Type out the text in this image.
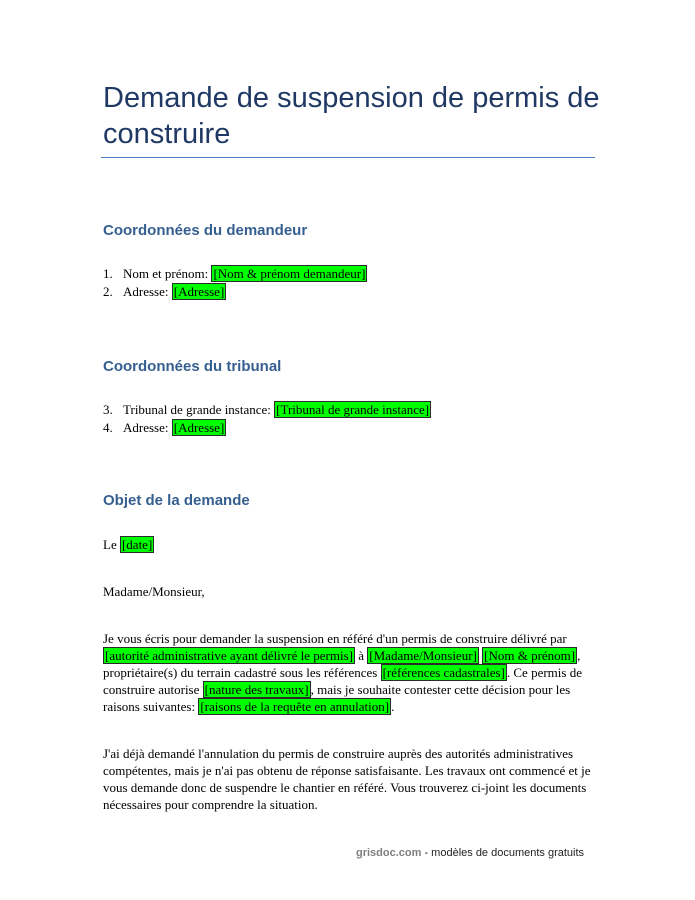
Demande de suspension de permis de construire
Coordonnées du demandeur
1. Nom et prénom: [Nom & prénom demandeur]
2. Adresse: [Adresse]
Coordonnées du tribunal
3. Tribunal de grande instance: [Tribunal de grande instance]
4. Adresse: [Adresse]
Objet de la demande

Le [date]

Madame/Monsieur,

Je vous écris pour demander la suspension en référé d'un permis de construire délivré par [autorité administrative ayant délivré le permis] à [Madame/Monsieur] [Nom & prénom] , propriétaire(s) du terrain cadastré sous les références [références cadastrales] . Ce permis de construire autorise [nature des travaux] , mais je souhaite contester cette décision pour les raisons suivantes: [raisons de la requête en annulation] .

J'ai déjà demandé l'annulation du permis de construire auprès des autorités administratives compétentes, mais je n'ai pas obtenu de réponse satisfaisante. Les travaux ont commencé et je vous demande donc de suspendre le chantier en référé. Vous trouverez ci-joint les documents nécessaires pour comprendre la situation.

grisdoc.com - modèles de documents gratuits
